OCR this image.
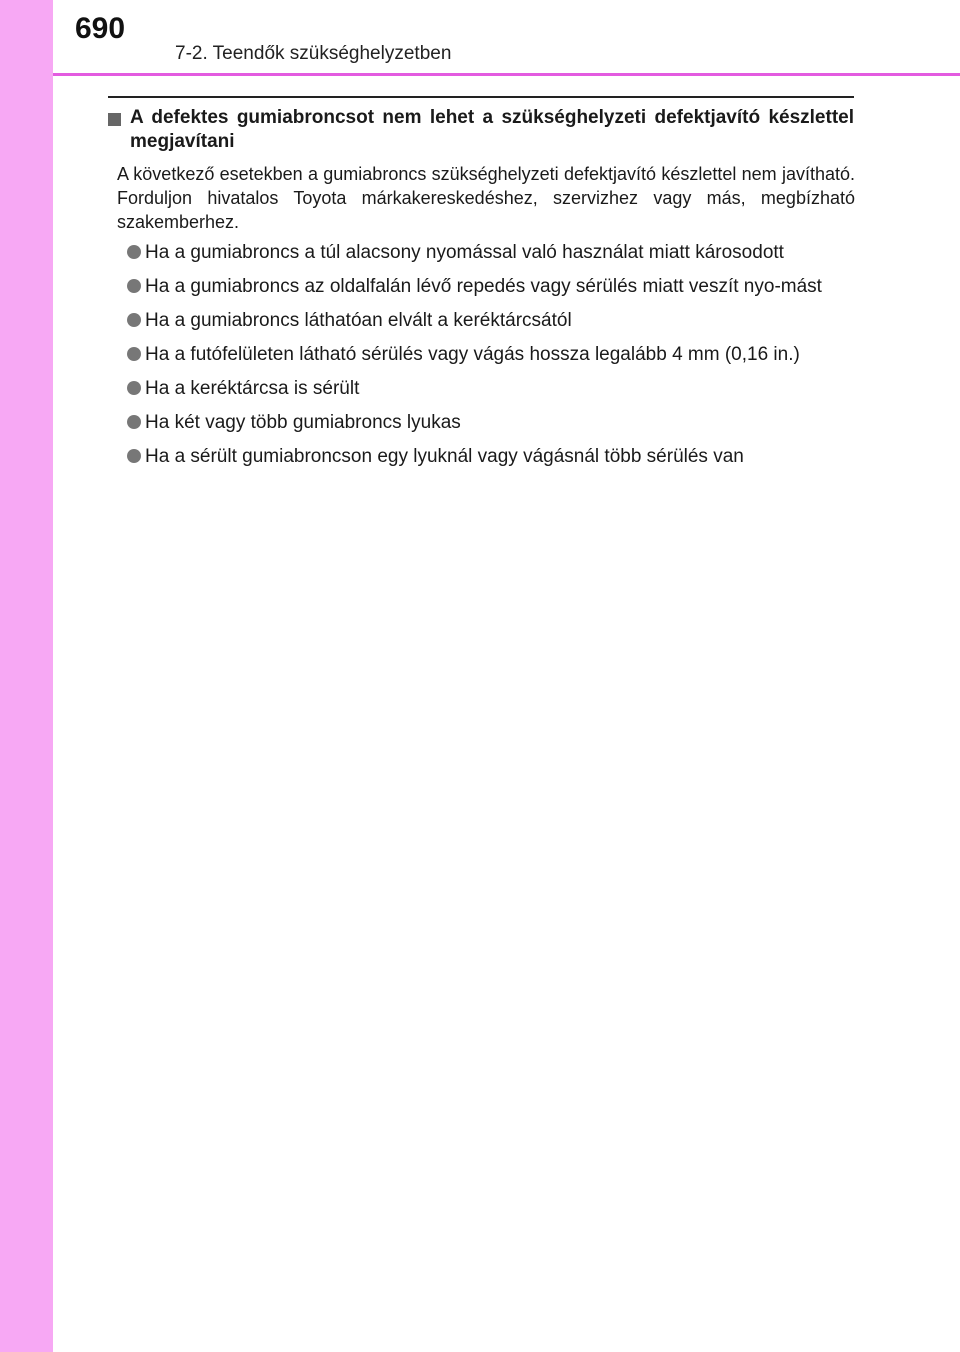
690
7-2. Teendők szükséghelyzetben
A defektes gumiabroncsot nem lehet a szükséghelyzeti defektjavító készlettel megjavítani

A következő esetekben a gumiabroncs szükséghelyzeti defektjavító készlettel nem javítható. Forduljon hivatalos Toyota márkakereskedéshez, szervizhez vagy más, megbízható szakemberhez.

Ha a gumiabroncs a túl alacsony nyomással való használat miatt károsodott
Ha a gumiabroncs az oldalfalán lévő repedés vagy sérülés miatt veszít nyo-mást
Ha a gumiabroncs láthatóan elvált a keréktárcsától
Ha a futófelületen látható sérülés vagy vágás hossza legalább 4 mm (0,16 in.)
Ha a keréktárcsa is sérült
Ha két vagy több gumiabroncs lyukas
Ha a sérült gumiabroncson egy lyuknál vagy vágásnál több sérülés van
